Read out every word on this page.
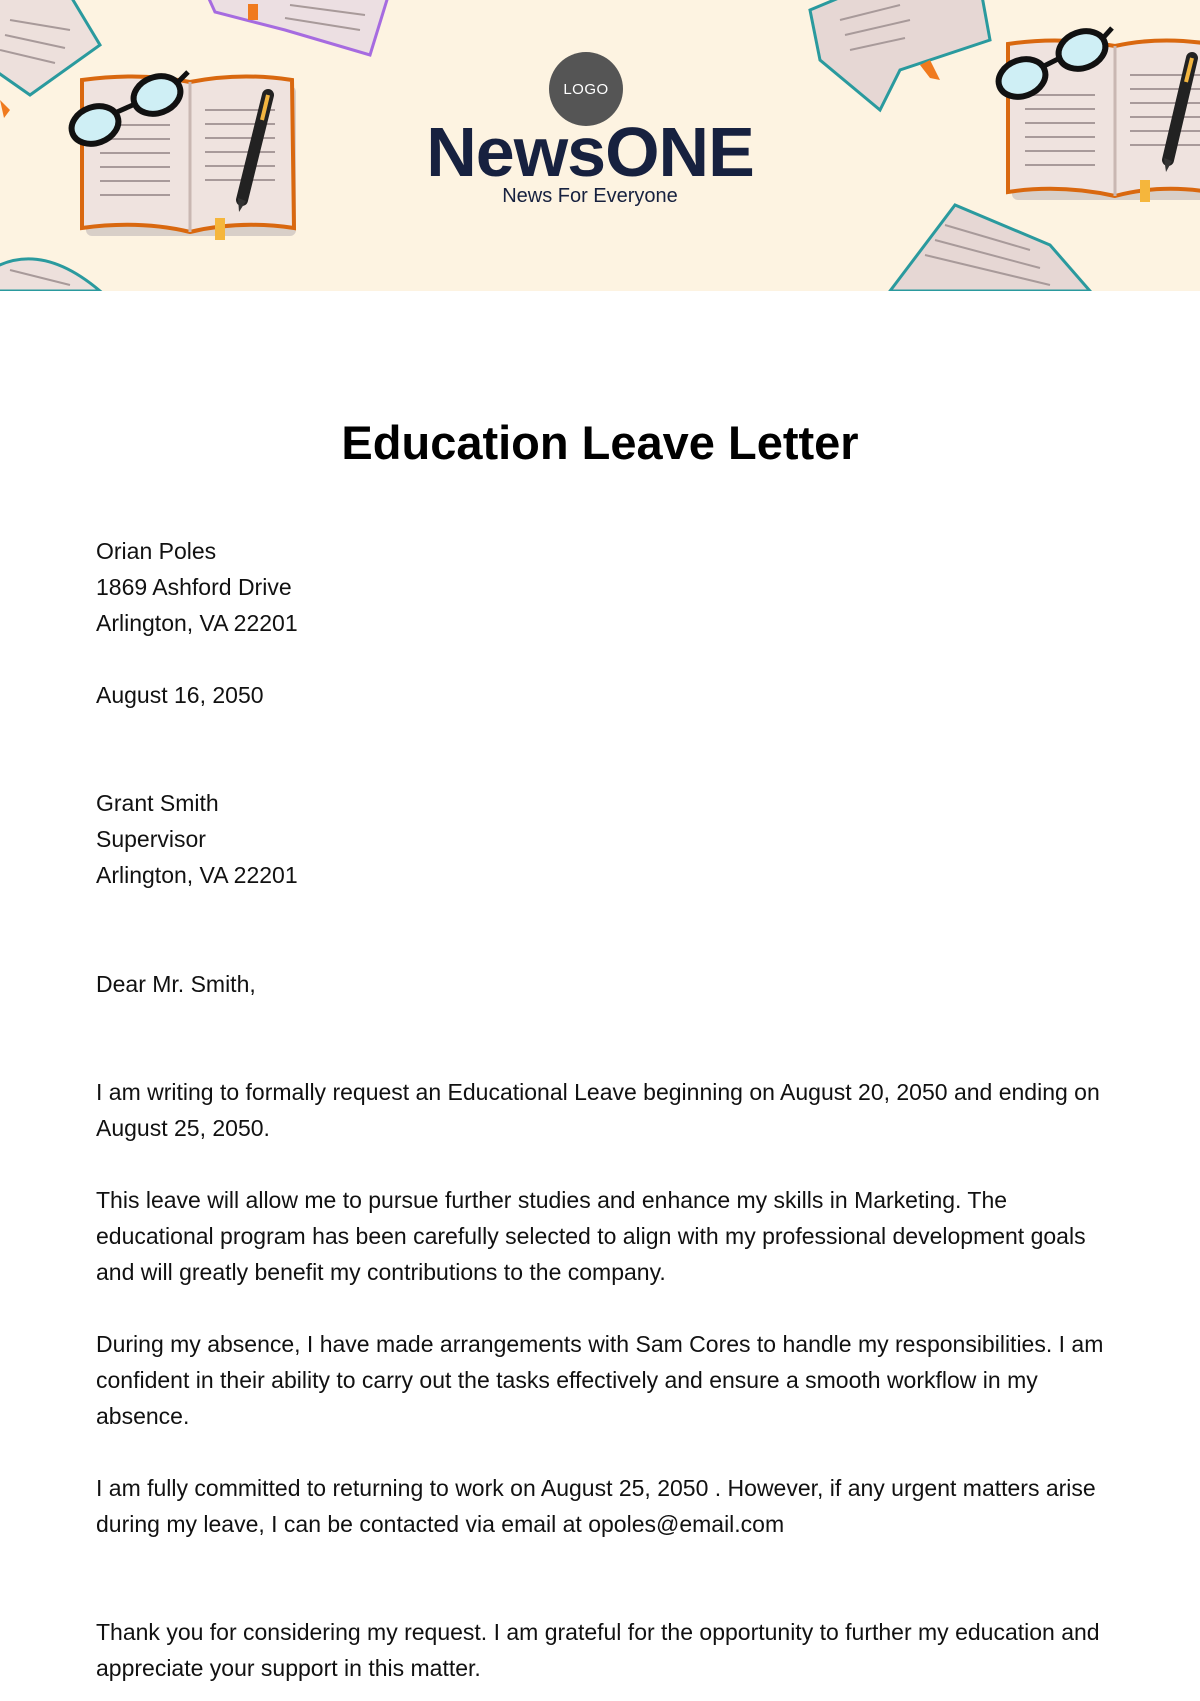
LOGO
NewsONE
News For Everyone
Education Leave Letter

Orian Poles

1869 Ashford Drive

Arlington, VA 22201

August 16, 2050

Grant Smith

Supervisor

Arlington, VA 22201

Dear Mr. Smith,

I am writing to formally request an Educational Leave beginning on August 20, 2050 and ending on August 25, 2050.

This leave will allow me to pursue further studies and enhance my skills in Marketing. The educational program has been carefully selected to align with my professional development goals and will greatly benefit my contributions to the company.

During my absence, I have made arrangements with Sam Cores to handle my responsibilities. I am confident in their ability to carry out the tasks effectively and ensure a smooth workflow in my absence.

I am fully committed to returning to work on August 25, 2050 . However, if any urgent matters arise during my leave, I can be contacted via email at opoles@email.com

Thank you for considering my request. I am grateful for the opportunity to further my education and appreciate your support in this matter.
